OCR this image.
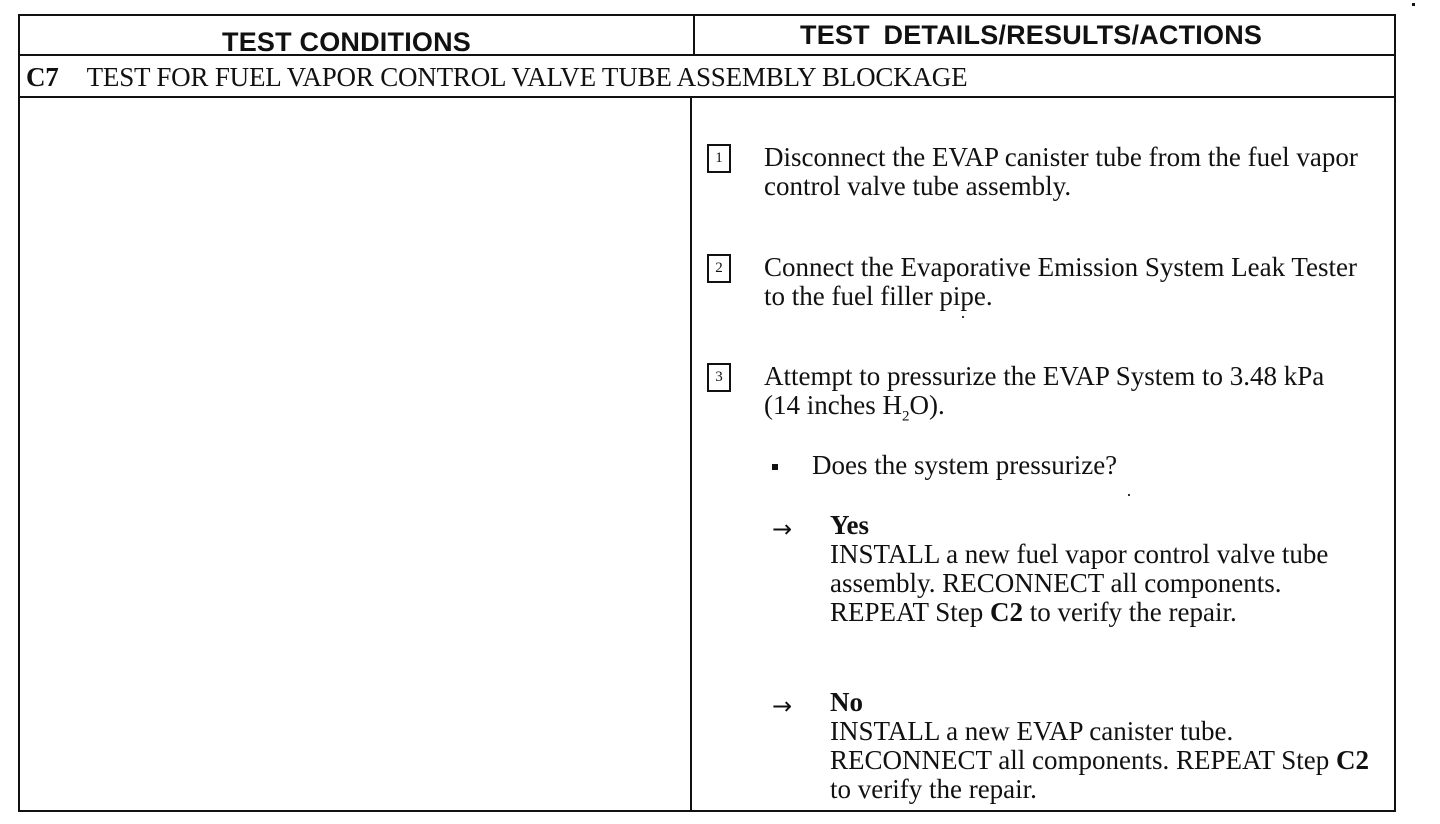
TEST CONDITIONS	TEST DETAILS/RESULTS/ACTIONS
C7 TEST FOR FUEL VAPOR CONTROL VALVE TUBE ASSEMBLY BLOCKAGE
1	Disconnect the EVAP canister tube from the fuel vapor control valve tube assembly.
2	Connect the Evaporative Emission System Leak Tester to the fuel filler pipe.
3	Attempt to pressurize the EVAP System to 3.48 kPa (14 inches $H_2O$).
Does the system pressurize?
→ Yes
INSTALL a new fuel vapor control valve tube assembly. RECONNECT all components. REPEAT Step C2 to verify the repair.
→ No
INSTALL a new EVAP canister tube. RECONNECT all components. REPEAT Step C2 to verify the repair.
